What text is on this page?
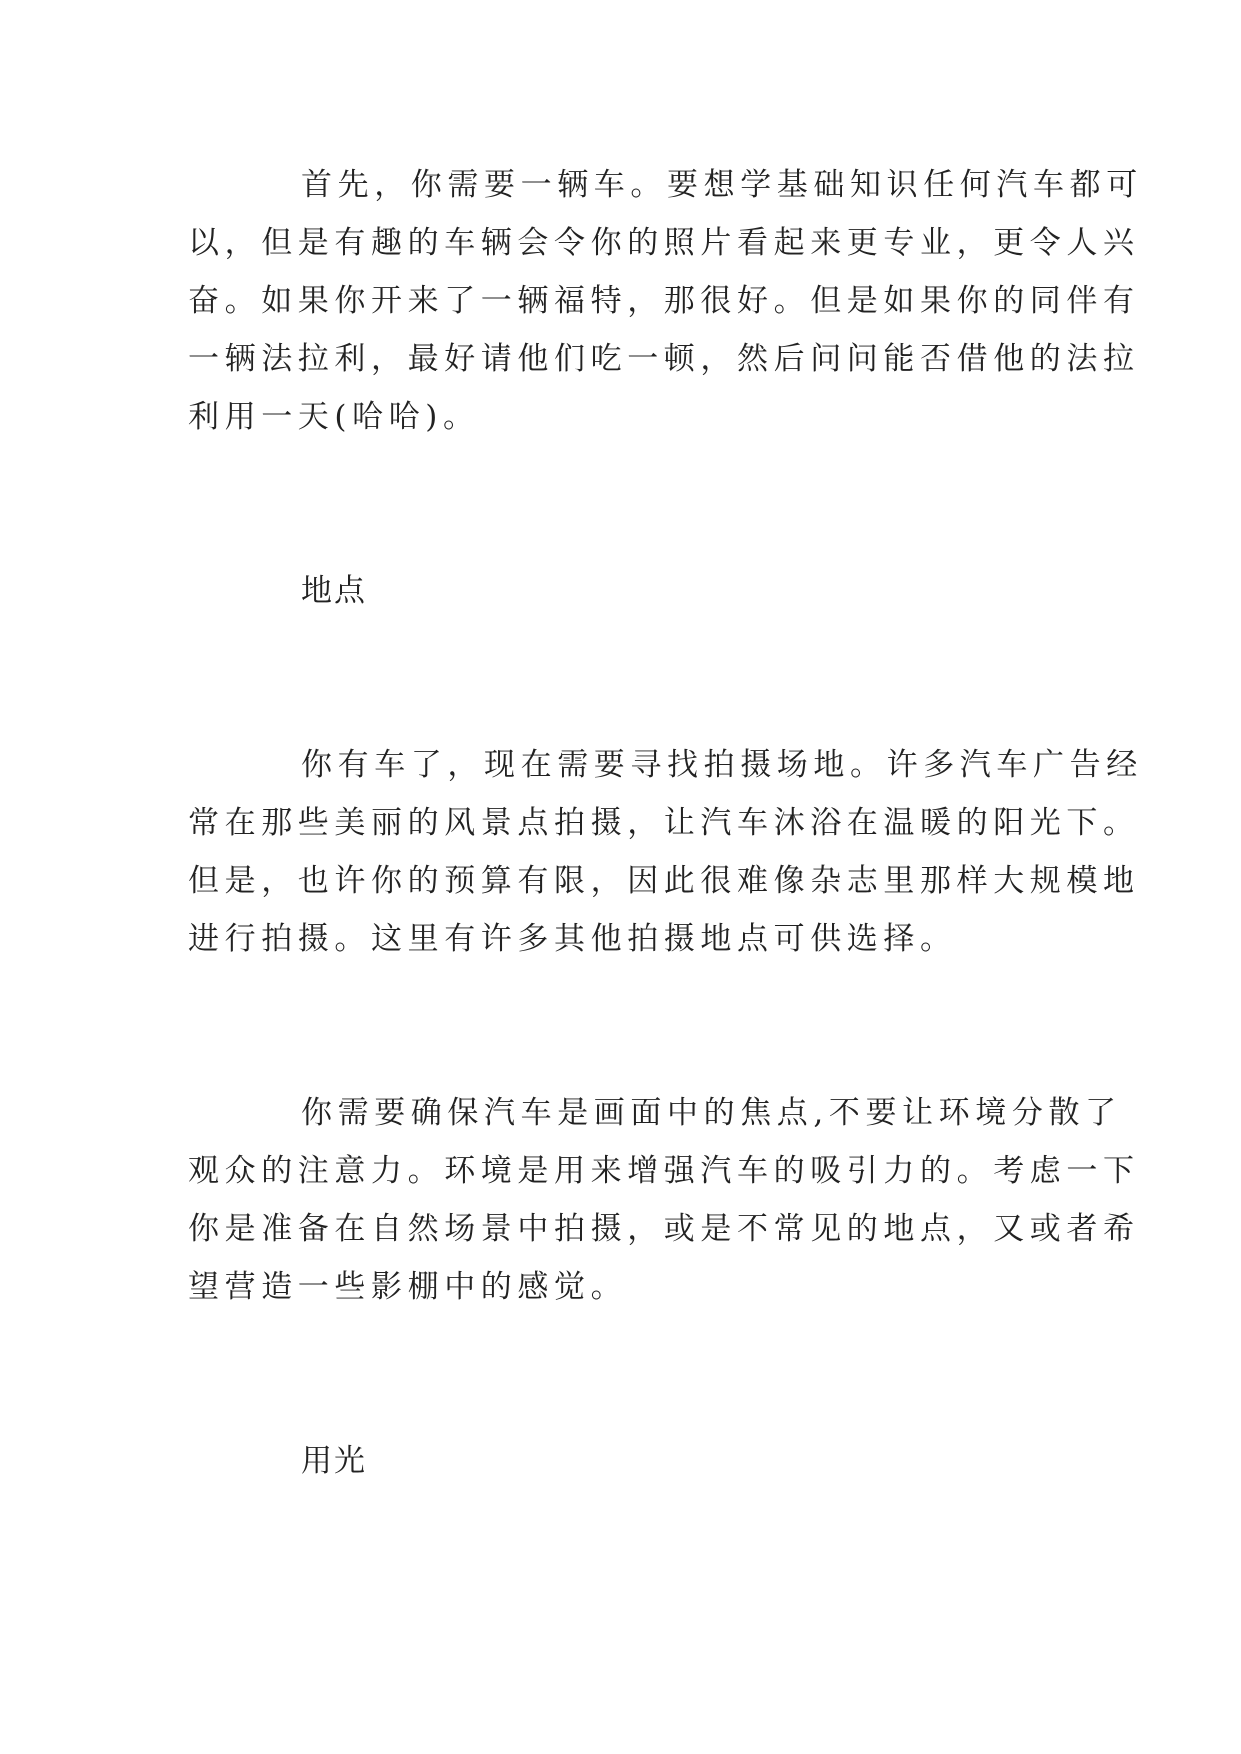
首先，你需要一辆车。要想学基础知识任何汽车都可
以，但是有趣的车辆会令你的照片看起来更专业，更令人兴
奋。如果你开来了一辆福特，那很好。但是如果你的同伴有
一辆法拉利，最好请他们吃一顿，然后问问能否借他的法拉
利用一天(哈哈)。
地点
你有车了，现在需要寻找拍摄场地。许多汽车广告经
常在那些美丽的风景点拍摄，让汽车沐浴在温暖的阳光下。
但是，也许你的预算有限，因此很难像杂志里那样大规模地
进行拍摄。这里有许多其他拍摄地点可供选择。
你需要确保汽车是画面中的焦点,不要让环境分散了
观众的注意力。环境是用来增强汽车的吸引力的。考虑一下
你是准备在自然场景中拍摄，或是不常见的地点，又或者希
望营造一些影棚中的感觉。
用光
